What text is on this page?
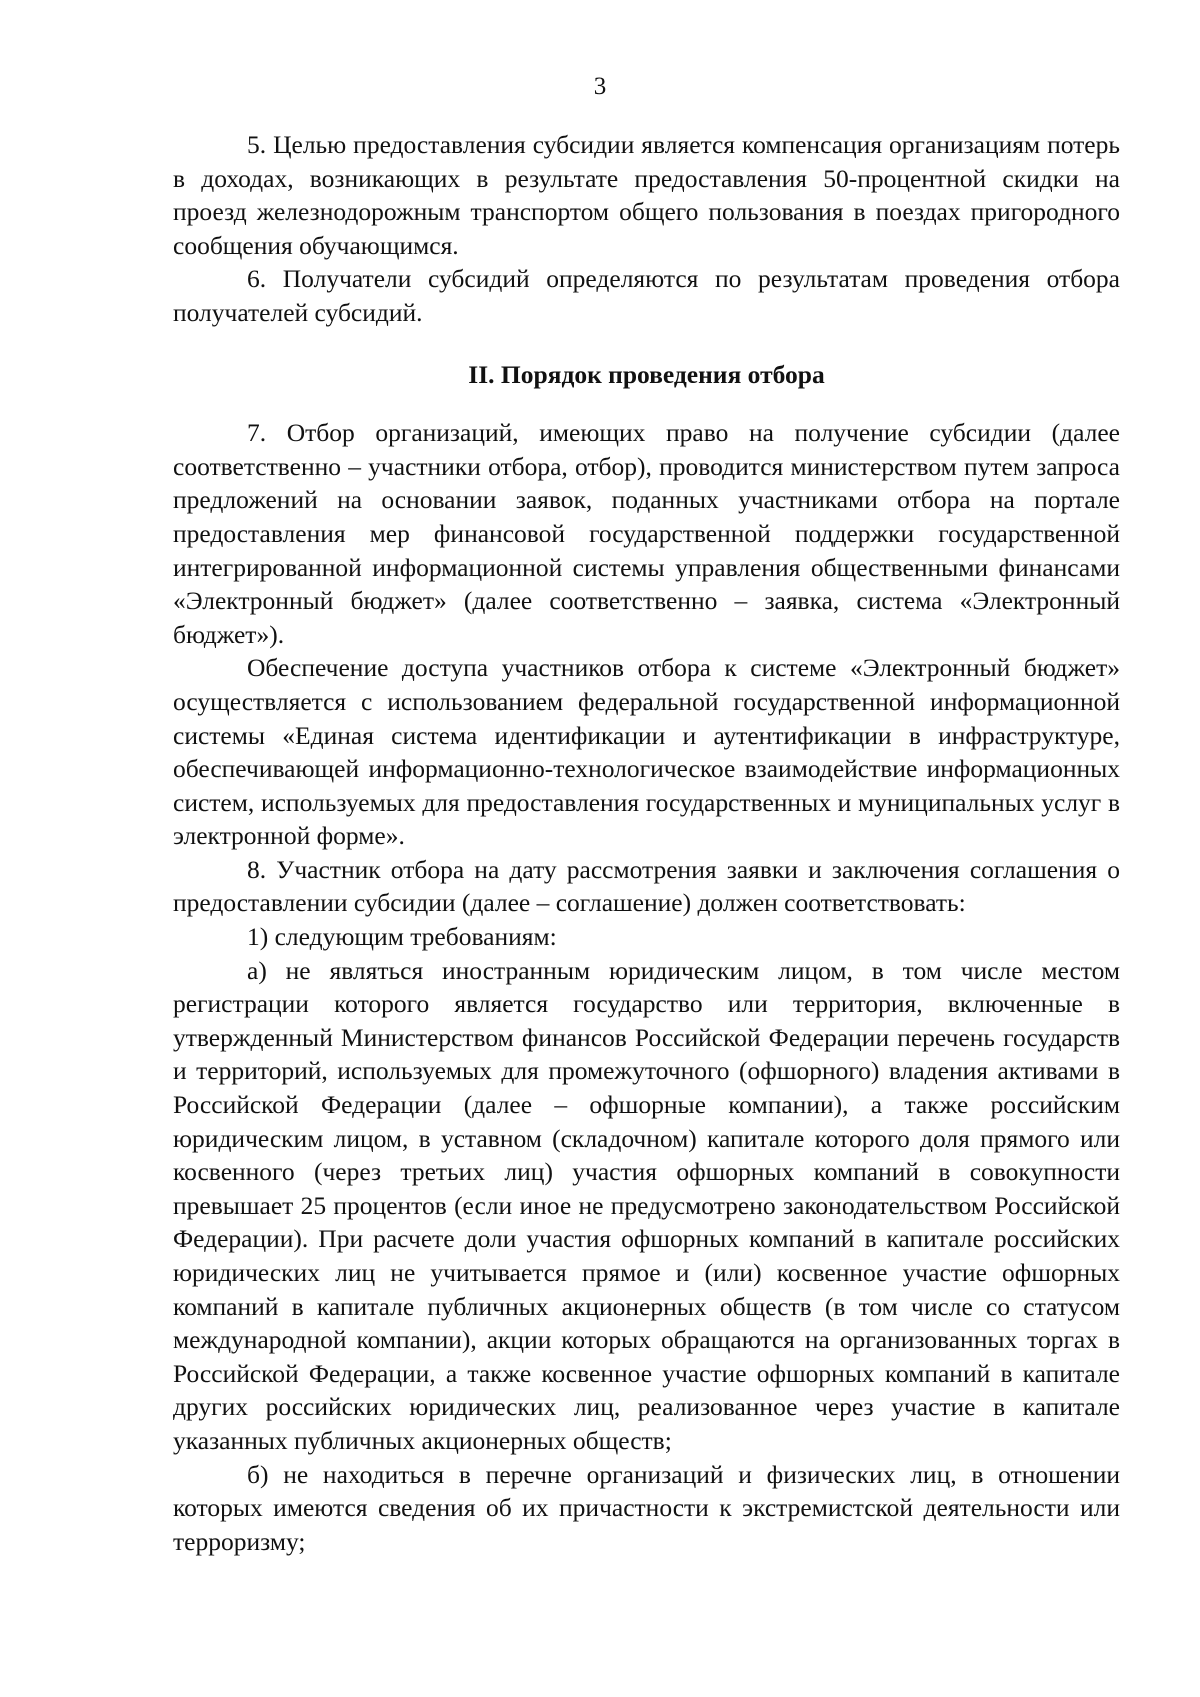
3

5. Целью предоставления субсидии является компенсация организациям потерь в доходах, возникающих в результате предоставления 50-процентной скидки на проезд железнодорожным транспортом общего пользования в поездах пригородного сообщения обучающимся.

6. Получатели субсидий определяются по результатам проведения отбора получателей субсидий.

II. Порядок проведения отбора

7. Отбор организаций, имеющих право на получение субсидии (далее соответственно – участники отбора, отбор), проводится министерством путем запроса предложений на основании заявок, поданных участниками отбора на портале предоставления мер финансовой государственной поддержки государственной интегрированной информационной системы управления общественными финансами «Электронный бюджет» (далее соответственно – заявка, система «Электронный бюджет»).

Обеспечение доступа участников отбора к системе «Электронный бюджет» осуществляется с использованием федеральной государственной информационной системы «Единая система идентификации и аутентификации в инфраструктуре, обеспечивающей информационно-технологическое взаимодействие информационных систем, используемых для предоставления государственных и муниципальных услуг в электронной форме».

8. Участник отбора на дату рассмотрения заявки и заключения соглашения о предоставлении субсидии (далее – соглашение) должен соответствовать:

1) следующим требованиям:

а) не являться иностранным юридическим лицом, в том числе местом регистрации которого является государство или территория, включенные в утвержденный Министерством финансов Российской Федерации перечень государств и территорий, используемых для промежуточного (офшорного) владения активами в Российской Федерации (далее – офшорные компании), а также российским юридическим лицом, в уставном (складочном) капитале которого доля прямого или косвенного (через третьих лиц) участия офшорных компаний в совокупности превышает 25 процентов (если иное не предусмотрено законодательством Российской Федерации). При расчете доли участия офшорных компаний в капитале российских юридических лиц не учитывается прямое и (или) косвенное участие офшорных компаний в капитале публичных акционерных обществ (в том числе со статусом международной компании), акции которых обращаются на организованных торгах в Российской Федерации, а также косвенное участие офшорных компаний в капитале других российских юридических лиц, реализованное через участие в капитале указанных публичных акционерных обществ;

б) не находиться в перечне организаций и физических лиц, в отношении которых имеются сведения об их причастности к экстремистской деятельности или терроризму;
